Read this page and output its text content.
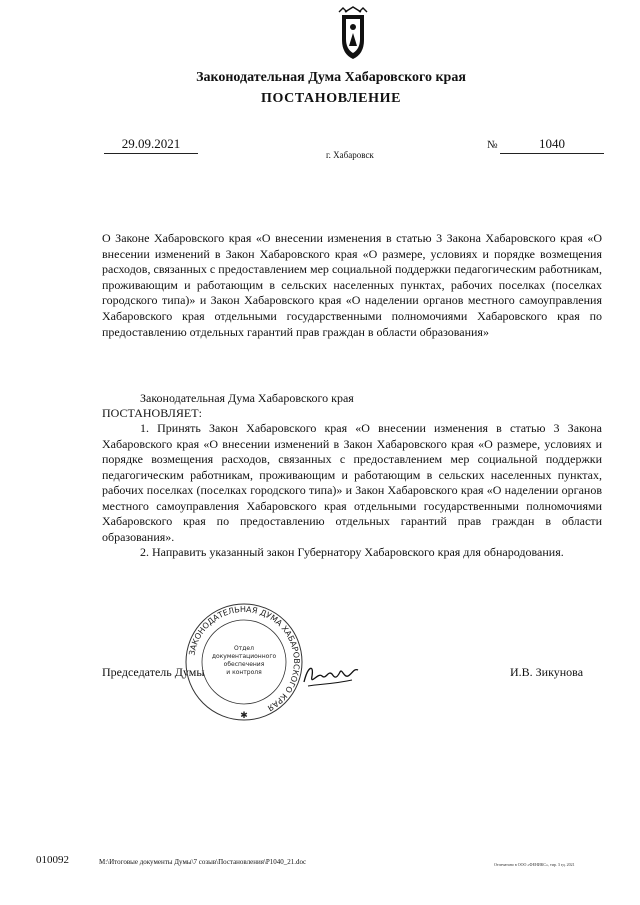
Законодательная Дума Хабаровского края
ПОСТАНОВЛЕНИЕ
29.09.2021
г. Хабаровск
№	1040
О Законе Хабаровского края «О внесении изменения в статью 3 Закона Хабаровского края «О внесении изменений в Закон Хабаровского края «О размере, условиях и порядке возмещения расходов, связанных с предоставлением мер социальной поддержки педагогическим работникам, проживающим и работающим в сельских населенных пунктах, рабочих поселках (поселках городского типа)» и Закон Хабаровского края «О наделении органов местного самоуправления Хабаровского края отдельными государственными полномочиями Хабаровского края по предоставлению отдельных гарантий прав граждан в области образования»
Законодательная Дума Хабаровского края
ПОСТАНОВЛЯЕТ:

1. Принять Закон Хабаровского края «О внесении изменения в статью 3 Закона Хабаровского края «О внесении изменений в Закон Хабаровского края «О размере, условиях и порядке возмещения расходов, связанных с предоставлением мер социальной поддержки педагогическим работникам, проживающим и работающим в сельских населенных пунктах, рабочих поселках (поселках городского типа)» и Закон Хабаровского края «О наделении органов местного самоуправления Хабаровского края отдельными государственными полномочиями Хабаровского края по предоставлению отдельных гарантий прав граждан в области образования».

2. Направить указанный закон Губернатору Хабаровского края для обнародования.

ЗАКОНОДАТЕЛЬНАЯ ДУМА ХАБАРОВСКОГО КРАЯ
Отдел
документационного
обеспечения
и контроля
✱
Председатель Думы	И.В. Зикунова
010092	M:\Итоговые документы Думы\7 созыв\Постановления\P1040_21.doc	Отпечатано в ООО «ФЕНИКС», тир. 3 ед. 2021
